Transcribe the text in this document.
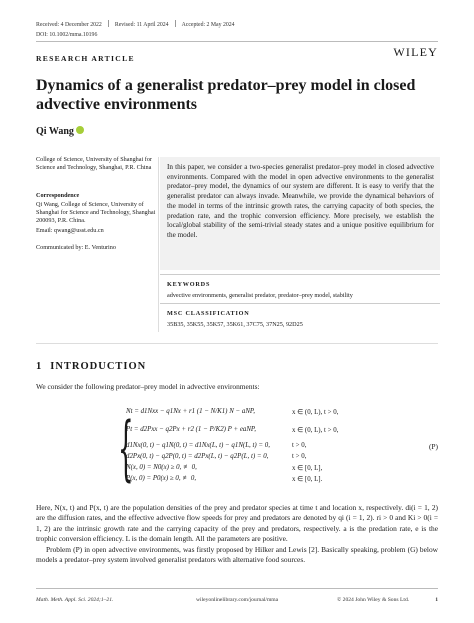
Received: 4 December 2022 Revised: 11 April 2024 Accepted: 2 May 2024
DOI: 10.1002/mma.10196
RESEARCH ARTICLE	WILEY
Dynamics of a generalist predator–prey model in closed advective environments
Qi Wang
College of Science, University of Shanghai for Science and Technology, Shanghai, P.R. China
Correspondence
Qi Wang, College of Science, University of Shanghai for Science and Technology, Shanghai 200093, P.R. China.
Email: qwang@usst.edu.cn
Communicated by: E. Venturino
In this paper, we consider a two-species generalist predator–prey model in closed advective environments. Compared with the model in open advective environments to the generalist predator–prey model, the dynamics of our system are different. It is easy to verify that the generalist predator can always invade. Meanwhile, we provide the dynamical behaviors of the model in terms of the intrinsic growth rates, the carrying capacity of both species, the predation rate, and the trophic conversion efficiency. More precisely, we establish the local/global stability of the semi-trivial steady states and a unique positive equilibrium for the model.
KEYWORDS
advective environments, generalist predator, predator–prey model, stability
MSC CLASSIFICATION
35B35, 35K55, 35K57, 35K61, 37C75, 37N25, 92D25
1 INTRODUCTION
We consider the following predator–prey model in advective environments:
{
Nt = d1Nxx − q1Nx + r1 (1 − N/K1) N − aNP,	x ∈ (0, L), t > 0,
Pt = d2Pxx − q2Px + r2 (1 − P/K2) P + eaNP,	x ∈ (0, L), t > 0,
d1Nx(0, t) − q1N(0, t) = d1Nx(L, t) − q1N(L, t) = 0,	t > 0,
d2Px(0, t) − q2P(0, t) = d2Px(L, t) − q2P(L, t) = 0,	t > 0,
N(x, 0) = N0(x) ≥ 0, ≢ 0,	x ∈ [0, L],
P(x, 0) = P0(x) ≥ 0, ≢ 0,	x ∈ [0, L].
(P)
Here, N(x, t) and P(x, t) are the population densities of the prey and predator species at time t and location x, respectively. di(i = 1, 2) are the diffusion rates, and the effective advective flow speeds for prey and predators are denoted by qi (i = 1, 2). ri > 0 and Ki > 0(i = 1, 2) are the intrinsic growth rate and the carrying capacity of the prey and predators, respectively. a is the predation rate, e is the trophic conversion efficiency. L is the domain length. All the parameters are positive.
Problem (P) in open advective environments, was firstly proposed by Hilker and Lewis [2]. Basically speaking, problem (G) below models a predator–prey system involved generalist predators with alternative food sources.
Math. Meth. Appl. Sci. 2024;1–21.	wileyonlinelibrary.com/journal/mma	© 2024 John Wiley & Sons Ltd.	1
